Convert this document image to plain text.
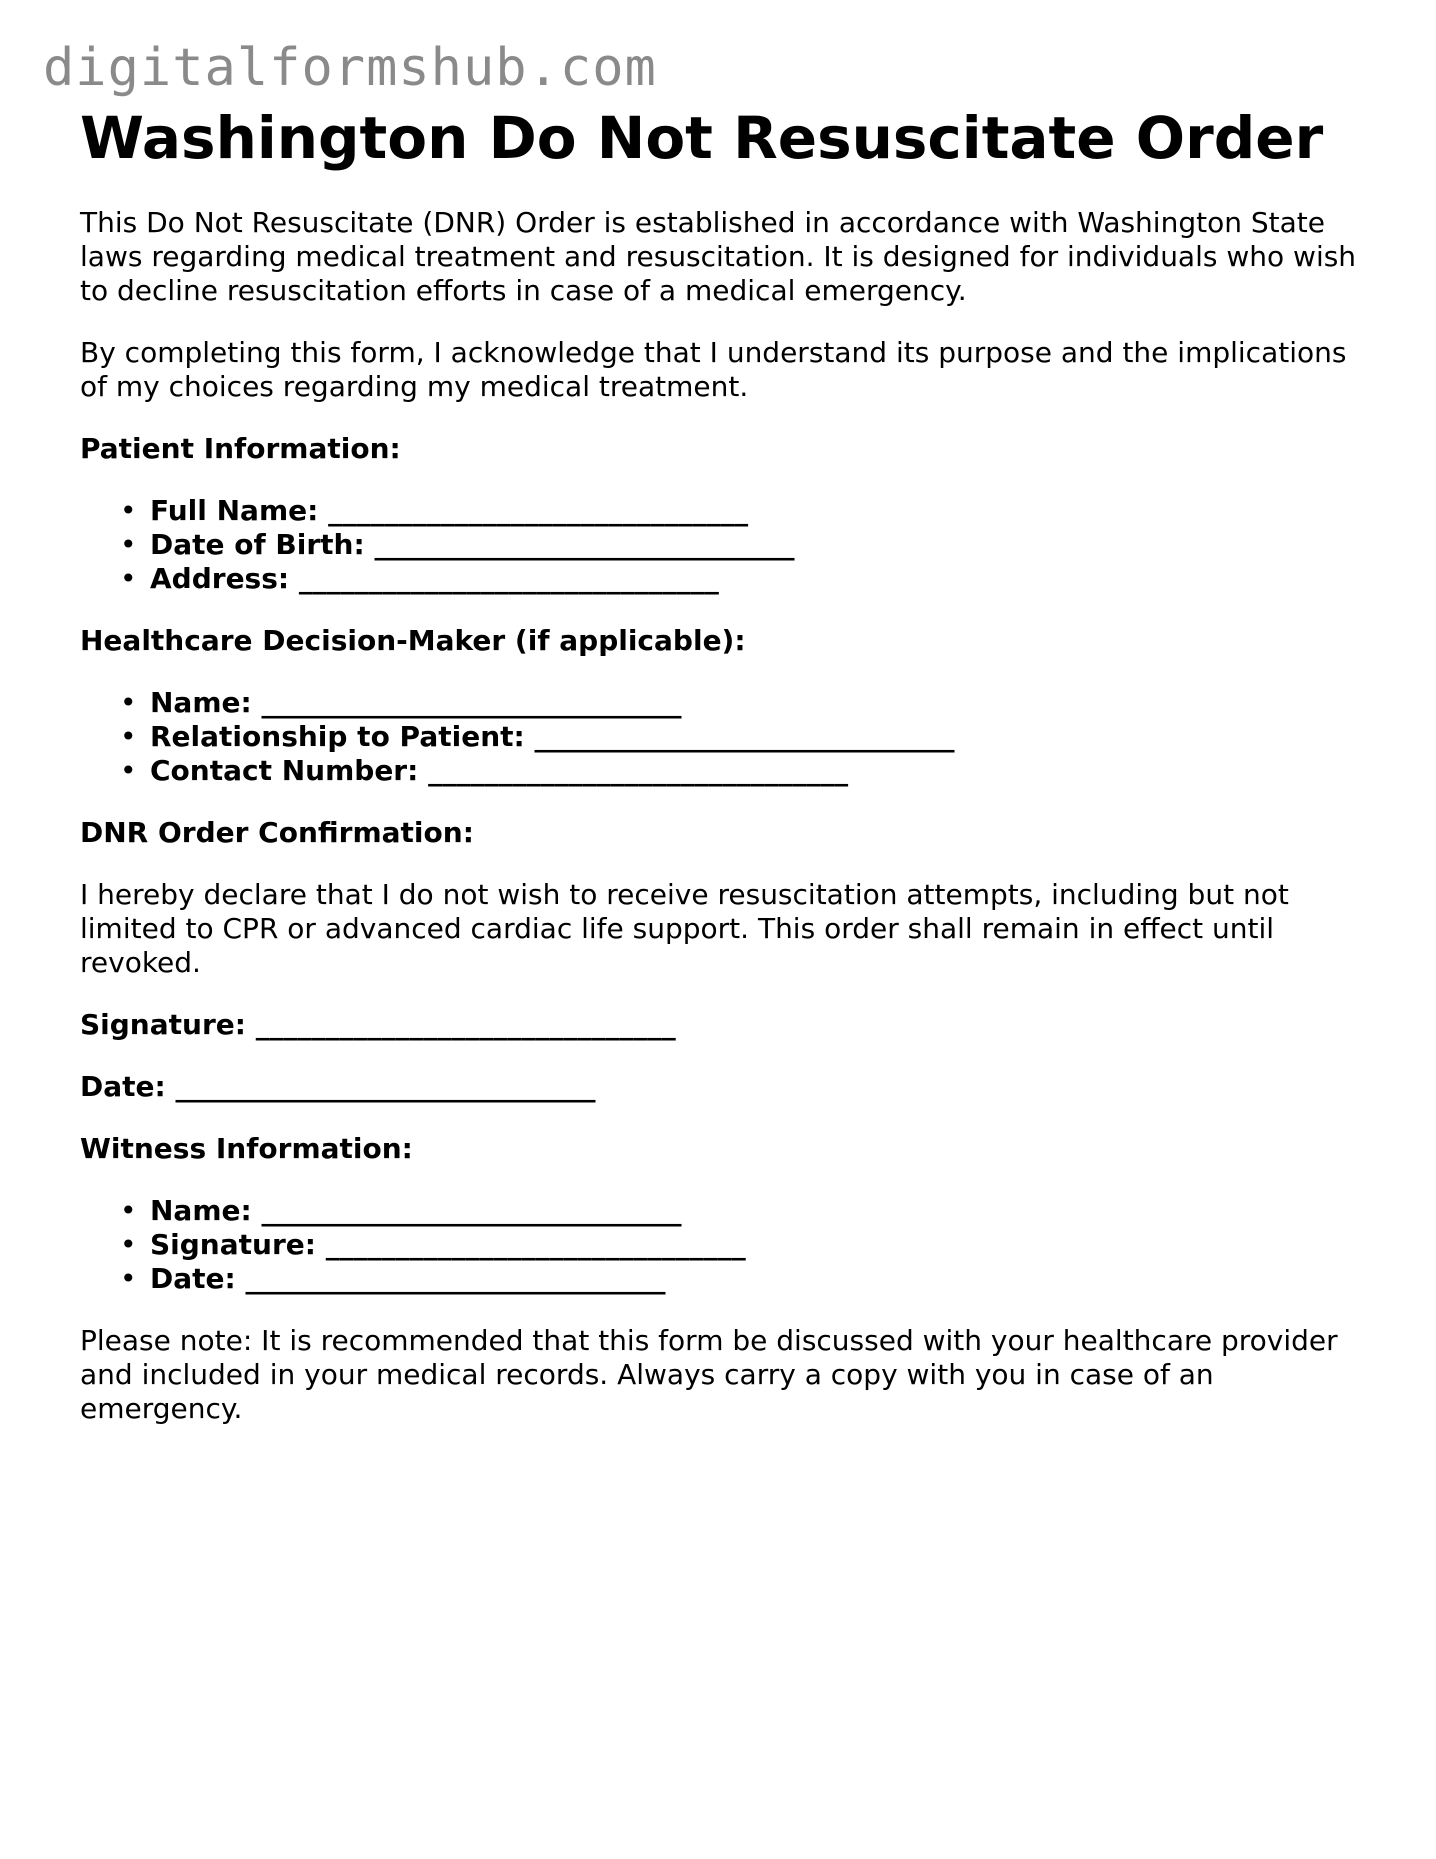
digitalformshub.com
Washington Do Not Resuscitate Order

This Do Not Resuscitate (DNR) Order is established in accordance with Washington State laws regarding medical treatment and resuscitation. It is designed for individuals who wish to decline resuscitation efforts in case of a medical emergency.

By completing this form, I acknowledge that I understand its purpose and the implications of my choices regarding my medical treatment.

Patient Information:
• Full Name: ______________________________
• Date of Birth: ______________________________
• Address: ______________________________
Healthcare Decision-Maker (if applicable):
• Name: ______________________________
• Relationship to Patient: ______________________________
• Contact Number: ______________________________
DNR Order Confirmation:

I hereby declare that I do not wish to receive resuscitation attempts, including but not limited to CPR or advanced cardiac life support. This order shall remain in effect until revoked.

Signature: ______________________________
Date: ______________________________
Witness Information:
• Name: ______________________________
• Signature: ______________________________
• Date: ______________________________

Please note: It is recommended that this form be discussed with your healthcare provider and included in your medical records. Always carry a copy with you in case of an emergency.
